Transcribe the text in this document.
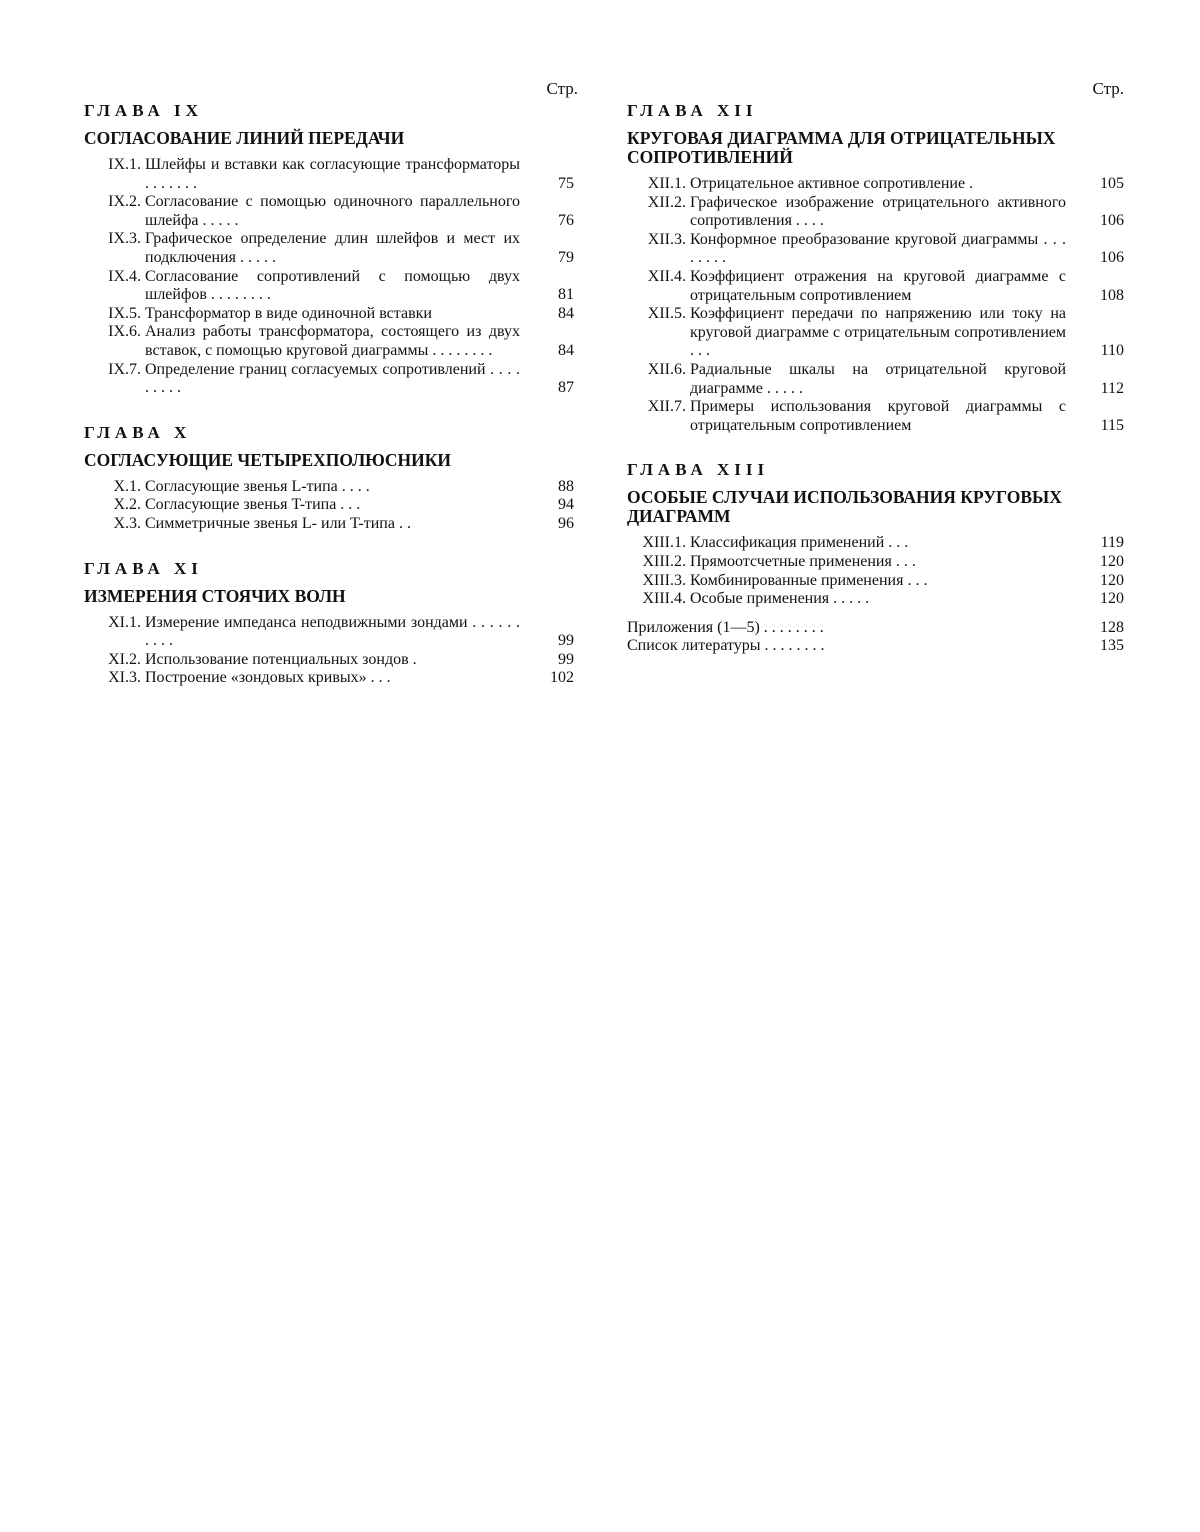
Стр.
ГЛАВА IX
СОГЛАСОВАНИЕ ЛИНИЙ ПЕРЕДАЧИ
IX.1. Шлейфы и вставки как согласующие трансформаторы . . . . . . .	75
IX.2. Согласование с помощью одиночного параллельного шлейфа . . . . .	76
IX.3. Графическое определение длин шлейфов и мест их подключения . . . . .	79
IX.4. Согласование сопротивлений с помощью двух шлейфов . . . . . . . .	81
IX.5. Трансформатор в виде одиночной вставки	84
IX.6. Анализ работы трансформатора, состоящего из двух вставок, с помощью круговой диаграммы . . . . . . . .	84
IX.7. Определение границ согласуемых сопротивлений . . . . . . . . .	87
ГЛАВА X
СОГЛАСУЮЩИЕ ЧЕТЫРЕХПОЛЮСНИКИ
X.1. Согласующие звенья L-типа . . . .	88
X.2. Согласующие звенья T-типа . . .	94
X.3. Симметричные звенья L- или T-типа . .	96
ГЛАВА XI
ИЗМЕРЕНИЯ СТОЯЧИХ ВОЛН
XI.1. Измерение импеданса неподвижными зондами . . . . . . . . . .	99
XI.2. Использование потенциальных зондов .	99
XI.3. Построение «зондовых кривых» . . .	102
Стр.
ГЛАВА XII
КРУГОВАЯ ДИАГРАММА ДЛЯ ОТРИЦАТЕЛЬНЫХ СОПРОТИВЛЕНИЙ
XII.1. Отрицательное активное сопротивление .	105
XII.2. Графическое изображение отрицательного активного сопротивления . . . .	106
XII.3. Конформное преобразование круговой диаграммы . . . . . . . .	106
XII.4. Коэффициент отражения на круговой диаграмме с отрицательным сопротивлением	108
XII.5. Коэффициент передачи по напряжению или току на круговой диаграмме с отрицательным сопротивлением . . .	110
XII.6. Радиальные шкалы на отрицательной круговой диаграмме . . . . .	112
XII.7. Примеры использования круговой диаграммы с отрицательным сопротивлением	115
ГЛАВА XIII
ОСОБЫЕ СЛУЧАИ ИСПОЛЬЗОВАНИЯ КРУГОВЫХ ДИАГРАММ
XIII.1. Классификация применений . . .	119
XIII.2. Прямоотсчетные применения . . .	120
XIII.3. Комбинированные применения . . .	120
XIII.4. Особые применения . . . . .	120
Приложения (1—5) . . . . . . . .	128
Список литературы . . . . . . . .	135
